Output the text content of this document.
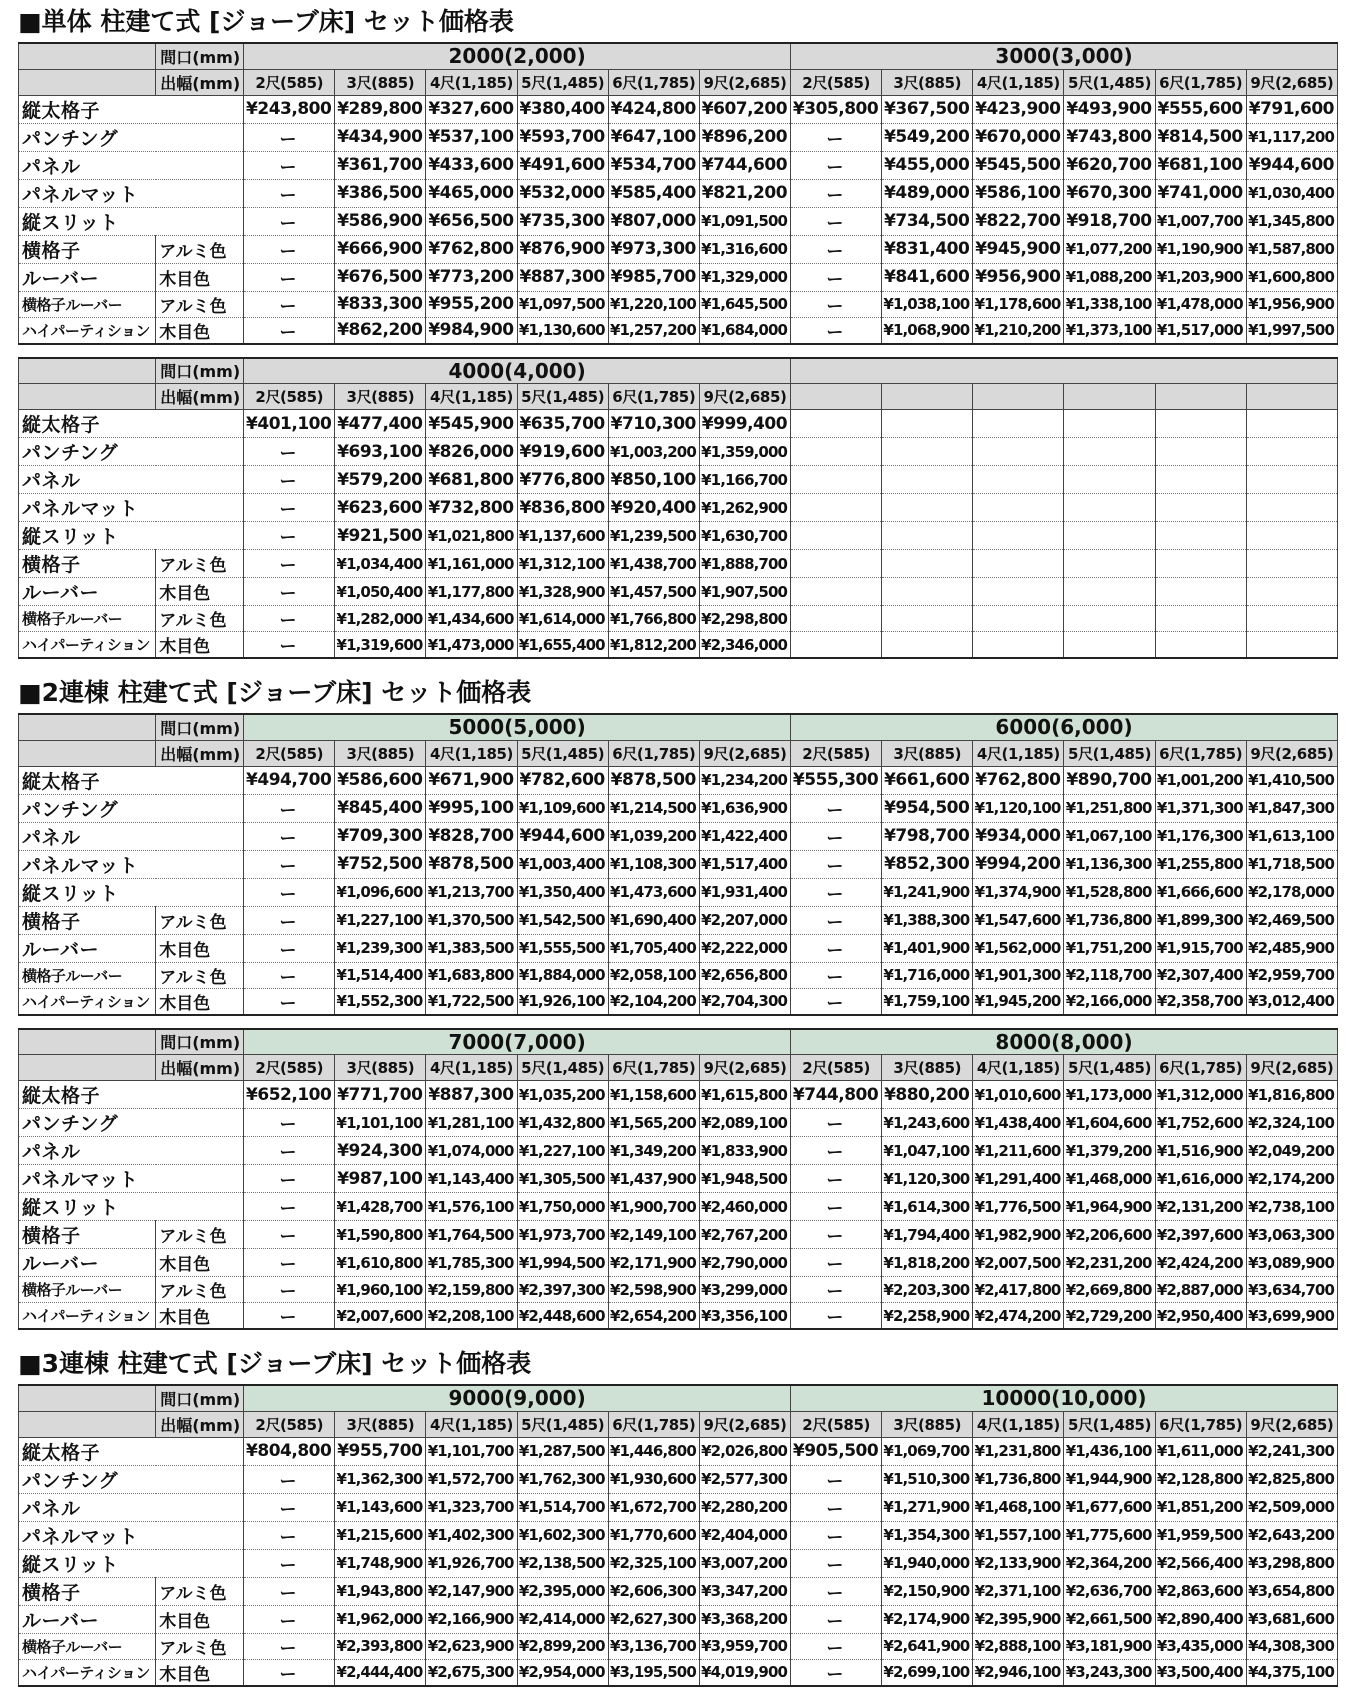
■単体 柱建て式 [ジョーブ床] セット価格表
	間口(mm)	2000(2,000)						3000(3,000)					
	出幅(mm)	2尺(585)	3尺(885)	4尺(1,185)	5尺(1,485)	6尺(1,785)	9尺(2,685)	2尺(585)	3尺(885)	4尺(1,185)	5尺(1,485)	6尺(1,785)	9尺(2,685)
縦太格子		¥243,800	¥289,800	¥327,600	¥380,400	¥424,800	¥607,200	¥305,800	¥367,500	¥423,900	¥493,900	¥555,600	¥791,600
パンチング		ー	¥434,900	¥537,100	¥593,700	¥647,100	¥896,200	ー	¥549,200	¥670,000	¥743,800	¥814,500	¥1,117,200
パネル		ー	¥361,700	¥433,600	¥491,600	¥534,700	¥744,600	ー	¥455,000	¥545,500	¥620,700	¥681,100	¥944,600
パネルマット		ー	¥386,500	¥465,000	¥532,000	¥585,400	¥821,200	ー	¥489,000	¥586,100	¥670,300	¥741,000	¥1,030,400
縦スリット		ー	¥586,900	¥656,500	¥735,300	¥807,000	¥1,091,500	ー	¥734,500	¥822,700	¥918,700	¥1,007,700	¥1,345,800
横格子	アルミ色	ー	¥666,900	¥762,800	¥876,900	¥973,300	¥1,316,600	ー	¥831,400	¥945,900	¥1,077,200	¥1,190,900	¥1,587,800
ルーバー	木目色	ー	¥676,500	¥773,200	¥887,300	¥985,700	¥1,329,000	ー	¥841,600	¥956,900	¥1,088,200	¥1,203,900	¥1,600,800
横格子ルーバー	アルミ色	ー	¥833,300	¥955,200	¥1,097,500	¥1,220,100	¥1,645,500	ー	¥1,038,100	¥1,178,600	¥1,338,100	¥1,478,000	¥1,956,900
ハイパーティション	木目色	ー	¥862,200	¥984,900	¥1,130,600	¥1,257,200	¥1,684,000	ー	¥1,068,900	¥1,210,200	¥1,373,100	¥1,517,000	¥1,997,500
	間口(mm)	4000(4,000)											
	出幅(mm)	2尺(585)	3尺(885)	4尺(1,185)	5尺(1,485)	6尺(1,785)	9尺(2,685)						
縦太格子		¥401,100	¥477,400	¥545,900	¥635,700	¥710,300	¥999,400						
パンチング		ー	¥693,100	¥826,000	¥919,600	¥1,003,200	¥1,359,000						
パネル		ー	¥579,200	¥681,800	¥776,800	¥850,100	¥1,166,700						
パネルマット		ー	¥623,600	¥732,800	¥836,800	¥920,400	¥1,262,900						
縦スリット		ー	¥921,500	¥1,021,800	¥1,137,600	¥1,239,500	¥1,630,700						
横格子	アルミ色	ー	¥1,034,400	¥1,161,000	¥1,312,100	¥1,438,700	¥1,888,700						
ルーバー	木目色	ー	¥1,050,400	¥1,177,800	¥1,328,900	¥1,457,500	¥1,907,500						
横格子ルーバー	アルミ色	ー	¥1,282,000	¥1,434,600	¥1,614,000	¥1,766,800	¥2,298,800						
ハイパーティション	木目色	ー	¥1,319,600	¥1,473,000	¥1,655,400	¥1,812,200	¥2,346,000						
■2連棟 柱建て式 [ジョーブ床] セット価格表
	間口(mm)	5000(5,000)						6000(6,000)					
	出幅(mm)	2尺(585)	3尺(885)	4尺(1,185)	5尺(1,485)	6尺(1,785)	9尺(2,685)	2尺(585)	3尺(885)	4尺(1,185)	5尺(1,485)	6尺(1,785)	9尺(2,685)
縦太格子		¥494,700	¥586,600	¥671,900	¥782,600	¥878,500	¥1,234,200	¥555,300	¥661,600	¥762,800	¥890,700	¥1,001,200	¥1,410,500
パンチング		ー	¥845,400	¥995,100	¥1,109,600	¥1,214,500	¥1,636,900	ー	¥954,500	¥1,120,100	¥1,251,800	¥1,371,300	¥1,847,300
パネル		ー	¥709,300	¥828,700	¥944,600	¥1,039,200	¥1,422,400	ー	¥798,700	¥934,000	¥1,067,100	¥1,176,300	¥1,613,100
パネルマット		ー	¥752,500	¥878,500	¥1,003,400	¥1,108,300	¥1,517,400	ー	¥852,300	¥994,200	¥1,136,300	¥1,255,800	¥1,718,500
縦スリット		ー	¥1,096,600	¥1,213,700	¥1,350,400	¥1,473,600	¥1,931,400	ー	¥1,241,900	¥1,374,900	¥1,528,800	¥1,666,600	¥2,178,000
横格子	アルミ色	ー	¥1,227,100	¥1,370,500	¥1,542,500	¥1,690,400	¥2,207,000	ー	¥1,388,300	¥1,547,600	¥1,736,800	¥1,899,300	¥2,469,500
ルーバー	木目色	ー	¥1,239,300	¥1,383,500	¥1,555,500	¥1,705,400	¥2,222,000	ー	¥1,401,900	¥1,562,000	¥1,751,200	¥1,915,700	¥2,485,900
横格子ルーバー	アルミ色	ー	¥1,514,400	¥1,683,800	¥1,884,000	¥2,058,100	¥2,656,800	ー	¥1,716,000	¥1,901,300	¥2,118,700	¥2,307,400	¥2,959,700
ハイパーティション	木目色	ー	¥1,552,300	¥1,722,500	¥1,926,100	¥2,104,200	¥2,704,300	ー	¥1,759,100	¥1,945,200	¥2,166,000	¥2,358,700	¥3,012,400
	間口(mm)	7000(7,000)						8000(8,000)					
	出幅(mm)	2尺(585)	3尺(885)	4尺(1,185)	5尺(1,485)	6尺(1,785)	9尺(2,685)	2尺(585)	3尺(885)	4尺(1,185)	5尺(1,485)	6尺(1,785)	9尺(2,685)
縦太格子		¥652,100	¥771,700	¥887,300	¥1,035,200	¥1,158,600	¥1,615,800	¥744,800	¥880,200	¥1,010,600	¥1,173,000	¥1,312,000	¥1,816,800
パンチング		ー	¥1,101,100	¥1,281,100	¥1,432,800	¥1,565,200	¥2,089,100	ー	¥1,243,600	¥1,438,400	¥1,604,600	¥1,752,600	¥2,324,100
パネル		ー	¥924,300	¥1,074,000	¥1,227,100	¥1,349,200	¥1,833,900	ー	¥1,047,100	¥1,211,600	¥1,379,200	¥1,516,900	¥2,049,200
パネルマット		ー	¥987,100	¥1,143,400	¥1,305,500	¥1,437,900	¥1,948,500	ー	¥1,120,300	¥1,291,400	¥1,468,000	¥1,616,000	¥2,174,200
縦スリット		ー	¥1,428,700	¥1,576,100	¥1,750,000	¥1,900,700	¥2,460,000	ー	¥1,614,300	¥1,776,500	¥1,964,900	¥2,131,200	¥2,738,100
横格子	アルミ色	ー	¥1,590,800	¥1,764,500	¥1,973,700	¥2,149,100	¥2,767,200	ー	¥1,794,400	¥1,982,900	¥2,206,600	¥2,397,600	¥3,063,300
ルーバー	木目色	ー	¥1,610,800	¥1,785,300	¥1,994,500	¥2,171,900	¥2,790,000	ー	¥1,818,200	¥2,007,500	¥2,231,200	¥2,424,200	¥3,089,900
横格子ルーバー	アルミ色	ー	¥1,960,100	¥2,159,800	¥2,397,300	¥2,598,900	¥3,299,000	ー	¥2,203,300	¥2,417,800	¥2,669,800	¥2,887,000	¥3,634,700
ハイパーティション	木目色	ー	¥2,007,600	¥2,208,100	¥2,448,600	¥2,654,200	¥3,356,100	ー	¥2,258,900	¥2,474,200	¥2,729,200	¥2,950,400	¥3,699,900
■3連棟 柱建て式 [ジョーブ床] セット価格表
	間口(mm)	9000(9,000)						10000(10,000)					
	出幅(mm)	2尺(585)	3尺(885)	4尺(1,185)	5尺(1,485)	6尺(1,785)	9尺(2,685)	2尺(585)	3尺(885)	4尺(1,185)	5尺(1,485)	6尺(1,785)	9尺(2,685)
縦太格子		¥804,800	¥955,700	¥1,101,700	¥1,287,500	¥1,446,800	¥2,026,800	¥905,500	¥1,069,700	¥1,231,800	¥1,436,100	¥1,611,000	¥2,241,300
パンチング		ー	¥1,362,300	¥1,572,700	¥1,762,300	¥1,930,600	¥2,577,300	ー	¥1,510,300	¥1,736,800	¥1,944,900	¥2,128,800	¥2,825,800
パネル		ー	¥1,143,600	¥1,323,700	¥1,514,700	¥1,672,700	¥2,280,200	ー	¥1,271,900	¥1,468,100	¥1,677,600	¥1,851,200	¥2,509,000
パネルマット		ー	¥1,215,600	¥1,402,300	¥1,602,300	¥1,770,600	¥2,404,000	ー	¥1,354,300	¥1,557,100	¥1,775,600	¥1,959,500	¥2,643,200
縦スリット		ー	¥1,748,900	¥1,926,700	¥2,138,500	¥2,325,100	¥3,007,200	ー	¥1,940,000	¥2,133,900	¥2,364,200	¥2,566,400	¥3,298,800
横格子	アルミ色	ー	¥1,943,800	¥2,147,900	¥2,395,000	¥2,606,300	¥3,347,200	ー	¥2,150,900	¥2,371,100	¥2,636,700	¥2,863,600	¥3,654,800
ルーバー	木目色	ー	¥1,962,000	¥2,166,900	¥2,414,000	¥2,627,300	¥3,368,200	ー	¥2,174,900	¥2,395,900	¥2,661,500	¥2,890,400	¥3,681,600
横格子ルーバー	アルミ色	ー	¥2,393,800	¥2,623,900	¥2,899,200	¥3,136,700	¥3,959,700	ー	¥2,641,900	¥2,888,100	¥3,181,900	¥3,435,000	¥4,308,300
ハイパーティション	木目色	ー	¥2,444,400	¥2,675,300	¥2,954,000	¥3,195,500	¥4,019,900	ー	¥2,699,100	¥2,946,100	¥3,243,300	¥3,500,400	¥4,375,100
